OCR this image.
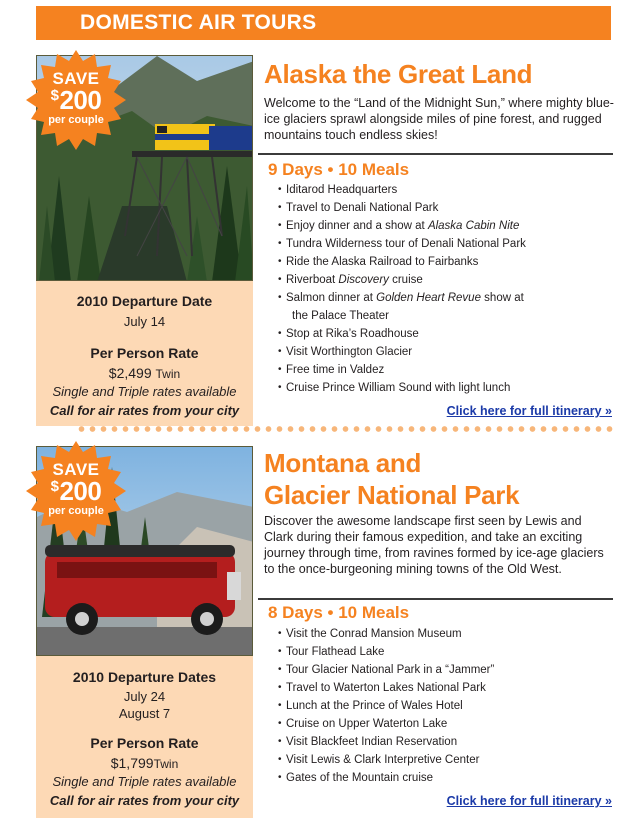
DOMESTIC AIR TOURS
SAVE
$200
per couple
2010 Departure Date
July 14
Per Person Rate
$2,499 Twin
Single and Triple rates available
Call for air rates from your city
Alaska the Great Land
Welcome to the “Land of the Midnight Sun,” where mighty blue-ice glaciers sprawl alongside miles of pine forest, and rugged mountains touch endless skies!
9 Days • 10 Meals
• Iditarod Headquarters
• Travel to Denali National Park
• Enjoy dinner and a show at Alaska Cabin Nite
• Tundra Wilderness tour of Denali National Park
• Ride the Alaska Railroad to Fairbanks
• Riverboat Discovery cruise
• Salmon dinner at Golden Heart Revue show at
the Palace Theater
• Stop at Rika’s Roadhouse
• Visit Worthington Glacier
• Free time in Valdez
• Cruise Prince William Sound with light lunch
Click here for full itinerary »
SAVE
$200
per couple
2010 Departure Dates
July 24
August 7
Per Person Rate
$1,799Twin
Single and Triple rates available
Call for air rates from your city
Montana and
Glacier National Park
Discover the awesome landscape first seen by Lewis and Clark during their famous expedition, and take an exciting journey through time, from ravines formed by ice-age glaciers to the once-burgeoning mining towns of the Old West.
8 Days • 10 Meals
• Visit the Conrad Mansion Museum
• Tour Flathead Lake
• Tour Glacier National Park in a “Jammer”
• Travel to Waterton Lakes National Park
• Lunch at the Prince of Wales Hotel
• Cruise on Upper Waterton Lake
• Visit Blackfeet Indian Reservation
• Visit Lewis & Clark Interpretive Center
• Gates of the Mountain cruise
Click here for full itinerary »
